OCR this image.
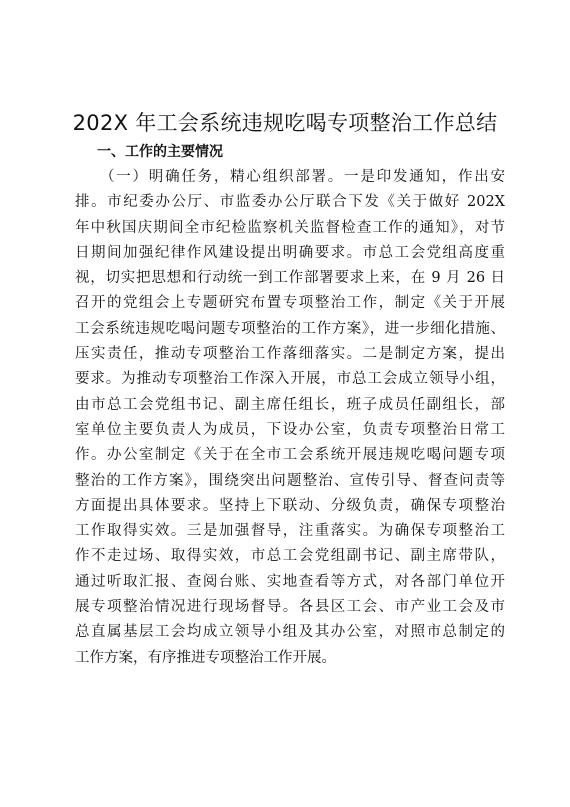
202X 年工会系统违规吃喝专项整治工作总结
一、工作的主要情况
（一）明确任务，精心组织部署。一是印发通知，作出安
排。市纪委办公厅、市监委办公厅联合下发《关于做好 202X
年中秋国庆期间全市纪检监察机关监督检查工作的通知》，对节
日期间加强纪律作风建设提出明确要求。市总工会党组高度重
视，切实把思想和行动统一到工作部署要求上来，在 9 月 26 日
召开的党组会上专题研究布置专项整治工作，制定《关于开展
工会系统违规吃喝问题专项整治的工作方案》，进一步细化措施、
压实责任，推动专项整治工作落细落实。二是制定方案，提出
要求。为推动专项整治工作深入开展，市总工会成立领导小组，
由市总工会党组书记、副主席任组长，班子成员任副组长，部
室单位主要负责人为成员，下设办公室，负责专项整治日常工
作。办公室制定《关于在全市工会系统开展违规吃喝问题专项
整治的工作方案》，围绕突出问题整治、宣传引导、督查问责等
方面提出具体要求。坚持上下联动、分级负责，确保专项整治
工作取得实效。三是加强督导，注重落实。为确保专项整治工
作不走过场、取得实效，市总工会党组副书记、副主席带队，
通过听取汇报、查阅台账、实地查看等方式，对各部门单位开
展专项整治情况进行现场督导。各县区工会、市产业工会及市
总直属基层工会均成立领导小组及其办公室，对照市总制定的
工作方案，有序推进专项整治工作开展。
